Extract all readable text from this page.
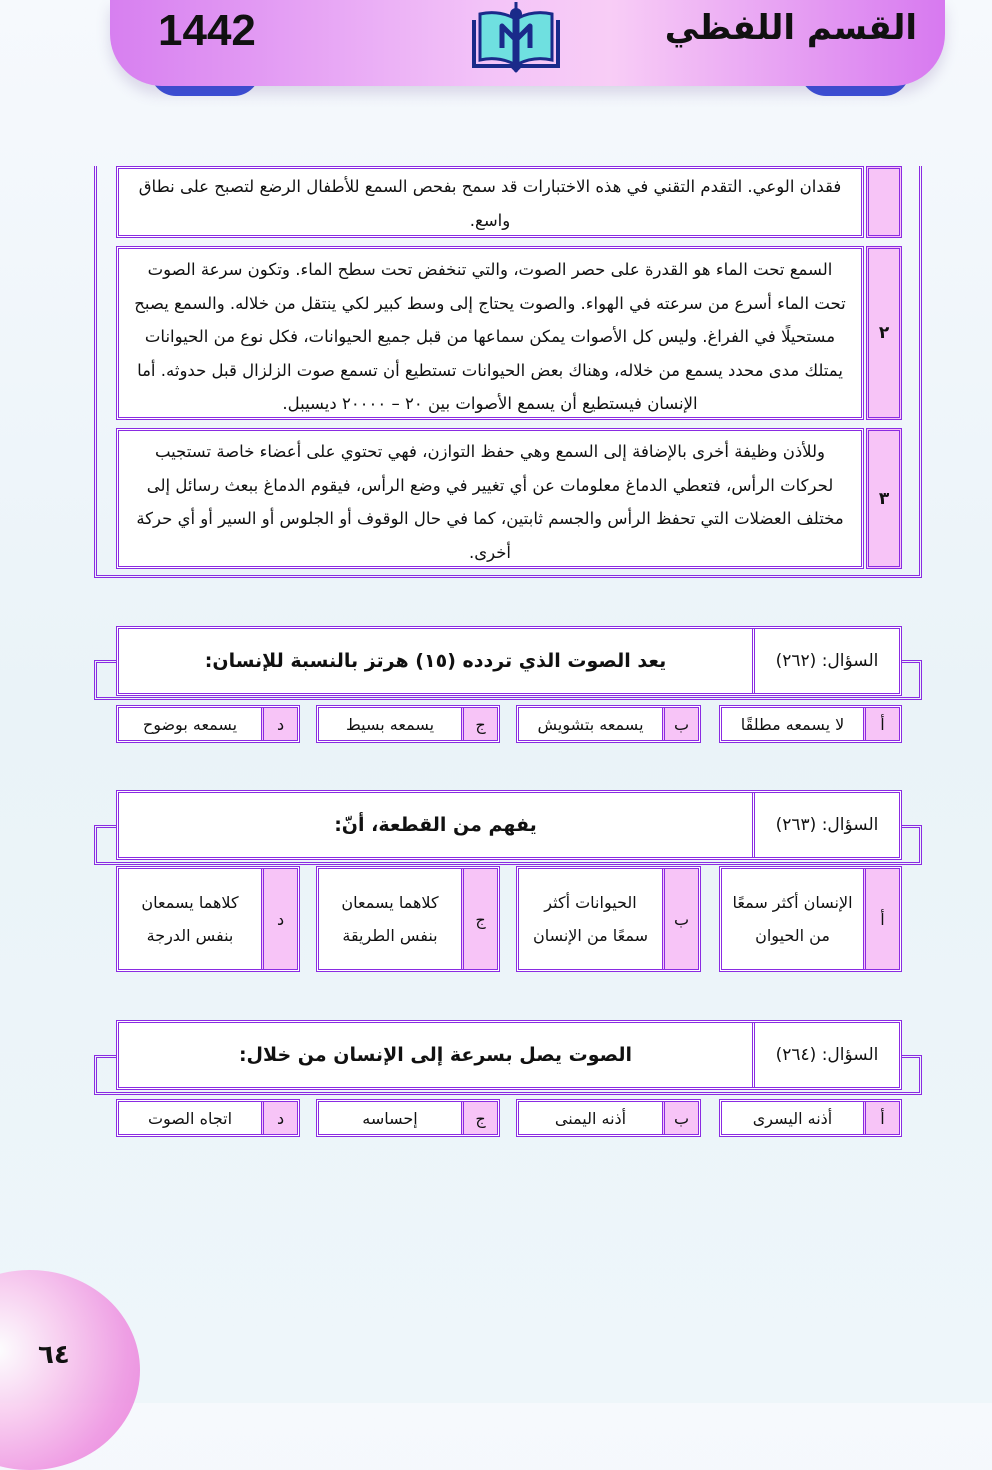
1442	القسم اللفظي
فقدان الوعي. التقدم التقني في هذه الاختبارات قد سمح بفحص السمع للأطفال الرضع لتصبح على نطاق واسع.
٢
السمع تحت الماء هو القدرة على حصر الصوت، والتي تنخفض تحت سطح الماء. وتكون سرعة الصوت تحت الماء أسرع من سرعته في الهواء. والصوت يحتاج إلى وسط كبير لكي ينتقل من خلاله. والسمع يصبح مستحيلًا في الفراغ. وليس كل الأصوات يمكن سماعها من قبل جميع الحيوانات، فكل نوع من الحيوانات يمتلك مدى محدد يسمع من خلاله، وهناك بعض الحيوانات تستطيع أن تسمع صوت الزلزال قبل حدوثه. أما الإنسان فيستطيع أن يسمع الأصوات بين ٢٠ – ٢٠٠٠٠ ديسيبل.
٣
وللأذن وظيفة أخرى بالإضافة إلى السمع وهي حفظ التوازن، فهي تحتوي على أعضاء خاصة تستجيب لحركات الرأس، فتعطي الدماغ معلومات عن أي تغيير في وضع الرأس، فيقوم الدماغ ببعث رسائل إلى مختلف العضلات التي تحفظ الرأس والجسم ثابتين، كما في حال الوقوف أو الجلوس أو السير أو أي حركة أخرى.
السؤال: (٢٦٢)
يعد الصوت الذي تردده (١٥) هرتز بالنسبة للإنسان:
أ
لا يسمعه مطلقًا
ب
يسمعه بتشويش
ج
يسمعه بسيط
د
يسمعه بوضوح
السؤال: (٢٦٣)
يفهم من القطعة، أنّ:
أ
الإنسان أكثر سمعًا من الحيوان
ب
الحيوانات أكثر سمعًا من الإنسان
ج
كلاهما يسمعان بنفس الطريقة
د
كلاهما يسمعان بنفس الدرجة
السؤال: (٢٦٤)
الصوت يصل بسرعة إلى الإنسان من خلال:
أ
أذنه اليسرى
ب
أذنه اليمنى
ج
إحساسه
د
اتجاه الصوت
٦٤
